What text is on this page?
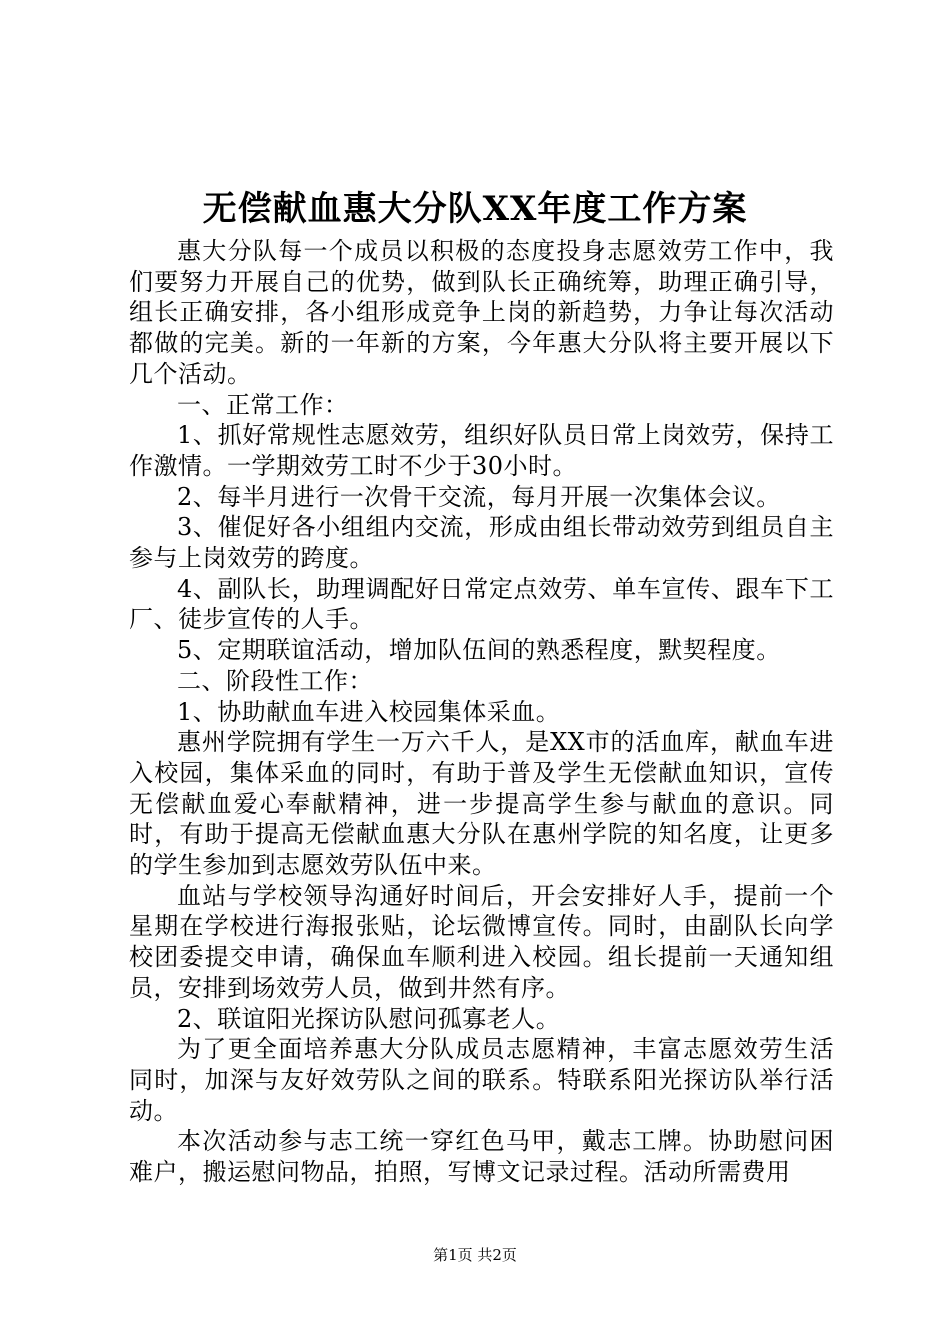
无偿献血惠大分队XX年度工作方案

惠大分队每一个成员以积极的态度投身志愿效劳工作中，我们要努力开展自己的优势，做到队长正确统筹，助理正确引导，组长正确安排，各小组形成竞争上岗的新趋势，力争让每次活动都做的完美。新的一年新的方案，今年惠大分队将主要开展以下几个活动。

一、正常工作：

1、抓好常规性志愿效劳，组织好队员日常上岗效劳，保持工作激情。一学期效劳工时不少于30小时。

2、每半月进行一次骨干交流，每月开展一次集体会议。

3、催促好各小组组内交流，形成由组长带动效劳到组员自主参与上岗效劳的跨度。

4、副队长，助理调配好日常定点效劳、单车宣传、跟车下工厂、徒步宣传的人手。

5、定期联谊活动，增加队伍间的熟悉程度，默契程度。

二、阶段性工作：

1、协助献血车进入校园集体采血。

惠州学院拥有学生一万六千人，是XX市的活血库，献血车进入校园，集体采血的同时，有助于普及学生无偿献血知识，宣传无偿献血爱心奉献精神，进一步提高学生参与献血的意识。同时，有助于提高无偿献血惠大分队在惠州学院的知名度，让更多的学生参加到志愿效劳队伍中来。

血站与学校领导沟通好时间后，开会安排好人手，提前一个星期在学校进行海报张贴，论坛微博宣传。同时，由副队长向学校团委提交申请，确保血车顺利进入校园。组长提前一天通知组员，安排到场效劳人员，做到井然有序。

2、联谊阳光探访队慰问孤寡老人。

为了更全面培养惠大分队成员志愿精神，丰富志愿效劳生活同时，加深与友好效劳队之间的联系。特联系阳光探访队举行活动。

本次活动参与志工统一穿红色马甲，戴志工牌。协助慰问困难户，搬运慰问物品，拍照，写博文记录过程。活动所需费用

第1页 共2页
